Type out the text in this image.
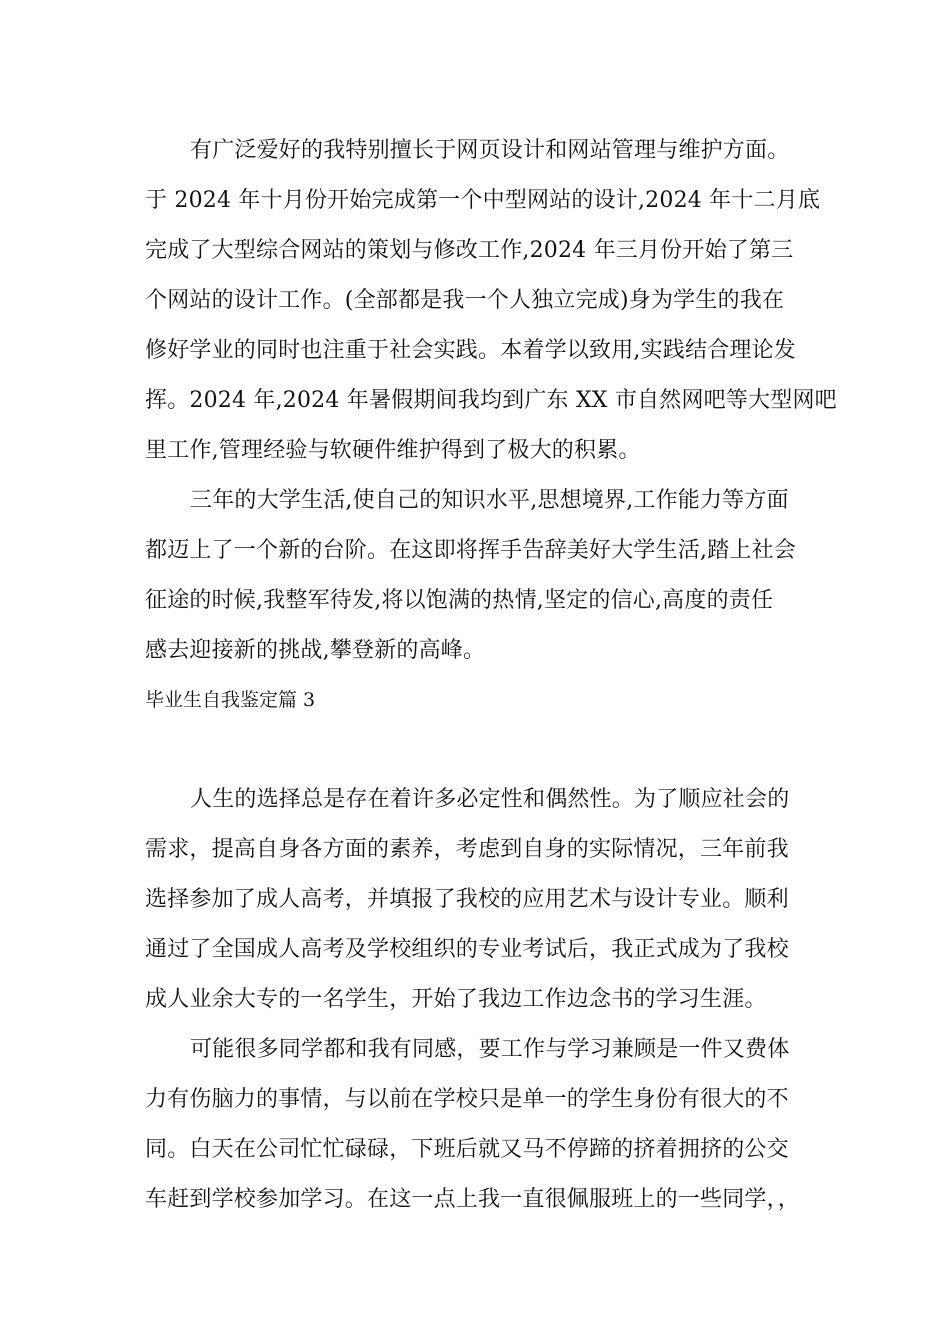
有广泛爱好的我特别擅长于网页设计和网站管理与维护方面。
于 2024 年十月份开始完成第一个中型网站的设计,2024 年十二月底
完成了大型综合网站的策划与修改工作,2024 年三月份开始了第三
个网站的设计工作。(全部都是我一个人独立完成)身为学生的我在
修好学业的同时也注重于社会实践。本着学以致用,实践结合理论发
挥。2024 年,2024 年暑假期间我均到广东 XX 市自然网吧等大型网吧
里工作,管理经验与软硬件维护得到了极大的积累。
三年的大学生活,使自己的知识水平,思想境界,工作能力等方面
都迈上了一个新的台阶。在这即将挥手告辞美好大学生活,踏上社会
征途的时候,我整军待发,将以饱满的热情,坚定的信心,高度的责任
感去迎接新的挑战,攀登新的高峰。
毕业生自我鉴定篇 3
人生的选择总是存在着许多必定性和偶然性。为了顺应社会的
需求，提高自身各方面的素养，考虑到自身的实际情况，三年前我
选择参加了成人高考，并填报了我校的应用艺术与设计专业。顺利
通过了全国成人高考及学校组织的专业考试后，我正式成为了我校
成人业余大专的一名学生，开始了我边工作边念书的学习生涯。
可能很多同学都和我有同感，要工作与学习兼顾是一件又费体
力有伤脑力的事情，与以前在学校只是单一的学生身份有很大的不
同。白天在公司忙忙碌碌，下班后就又马不停蹄的挤着拥挤的公交
车赶到学校参加学习。在这一点上我一直很佩服班上的一些同学，，
